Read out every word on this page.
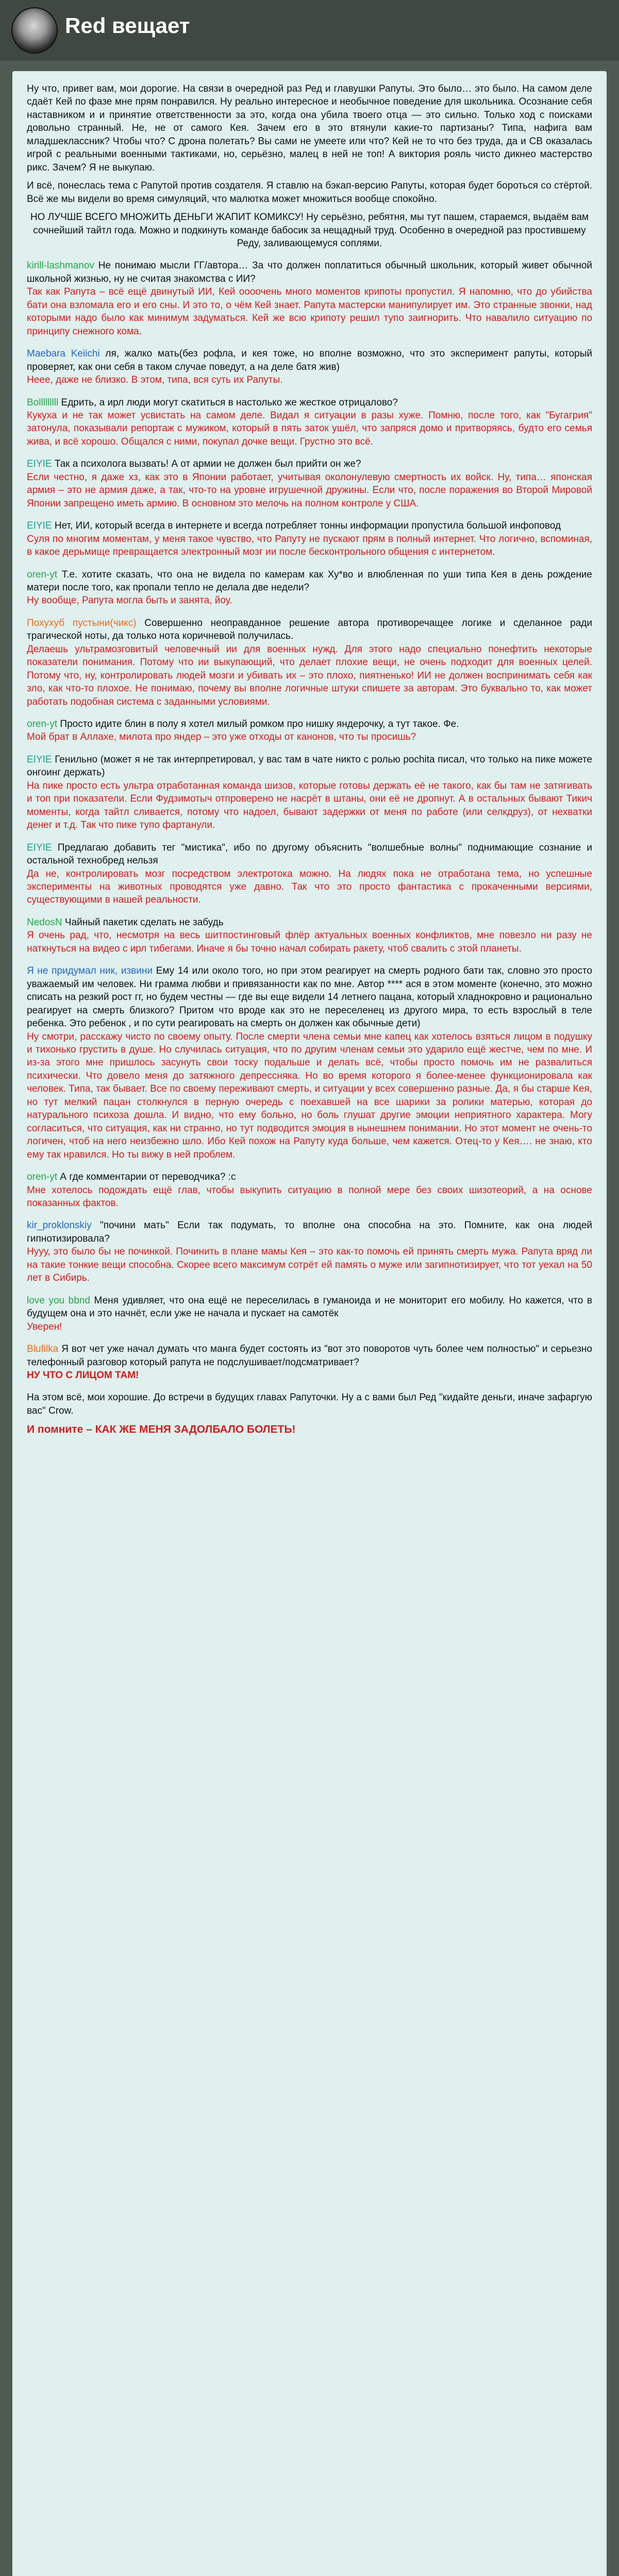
Red вещает

Ну что, привет вам, мои дорогие. На связи в очередной раз Ред и главушки Рапуты. Это было… это было. На самом деле сдаёт Кей по фазе мне прям понравился. Ну реально интересное и необычное поведение для школьника. Осознание себя наставником и и принятие ответственности за это, когда она убила твоего отца — это сильно. Только ход с поисками довольно странный. Не, не от самого Кея. Зачем его в это втянули какие-то партизаны? Типа, нафига вам младшеклассник? Чтобы что? С дрона полетать? Вы сами не умеете или что? Кей не то что без труда, да и СВ оказалась игрой с реальными военными тактиками, но, серьёзно, малец в ней не топ! А виктория рояль чисто дикнео мастерство рикс. Зачем? Я не выкупаю.

И всё, понеслась тема с Рапутой против создателя. Я ставлю на бэкап-версию Рапуты, которая будет бороться со стёртой. Всё же мы видели во время симуляций, что малютка может множиться вообще спокойно.

НО ЛУЧШЕ ВСЕГО МНОЖИТЬ ДЕНЬГИ ЖАПИТ КОМИКСУ! Ну серьёзно, ребятня, мы тут пашем, стараемся, выдаём вам сочнейший тайтл года. Можно и подкинуть команде бабосик за нещадный труд. Особенно в очередной раз простившему Реду, заливающемуся соплями.

kirill-lashmanov Не понимаю мысли ГГ/автора… За что должен поплатиться обычный школьник, который живет обычной школьной жизнью, ну не считая знакомства с ИИ?

Так как Рапута – всё ещё двинутый ИИ, Кей оооочень много моментов крипоты пропустил. Я напомню, что до убийства бати она взломала его и его сны. И это то, о чём Кей знает. Рапута мастерски манипулирует им. Это странные звонки, над которыми надо было как минимум задуматься. Кей же всю крипоту решил тупо заигнорить. Что навалило ситуацию по принципу снежного кома.

Maebara Keiichi ля, жалко мать(без рофла, и кея тоже, но вполне возможно, что это эксперимент рапуты, который проверяет, как они себя в таком случае поведут, а на деле батя жив)

Неее, даже не близко. В этом, типа, вся суть их Рапуты.

Bolllllllll Едрить, а ирл люди могут скатиться в настолько же жесткое отрицалово?

Кукуха и не так может усвистать на самом деле. Видал я ситуации в разы хуже. Помню, после того, как "Бугагрия" затонула, показывали репортаж с мужиком, который в пять заток ушёл, что запряся домо и притворяясь, будто его семья жива, и всё хорошо. Общался с ними, покупал дочке вещи. Грустно это всё.

EIYIE Так а психолога вызвать! А от армии не должен был прийти он же?

Если честно, я даже хз, как это в Японии работает, учитывая околонулевую смертность их войск. Ну, типа… японская армия – это не армия даже, а так, что-то на уровне игрушечной дружины. Если что, после поражения во Второй Мировой Японии запрещено иметь армию. В основном это мелочь на полном контроле у США.

EIYIE Нет, ИИ, который всегда в интернете и всегда потребляет тонны информации пропустила большой инфоповод

Суля по многим моментам, у меня такое чувство, что Рапуту не пускают прям в полный интернет. Что логично, вспоминая, в какое дерьмище превращается электронный мозг ии после бесконтрольного общения с интернетом.

oren-yt Т.е. хотите сказать, что она не видела по камерам как Ху*во и влюбленная по уши типа Кея в день рождение матери после того, как пропали тепло не делала две недели?

Ну вообще, Рапута могла быть и занята, йоу.

Похуxуб пустыни(чикс) Совершенно неоправданное решение автора противоречащее логике и сделанное ради трагической ноты, да только нота коричневой получилась.

Делаешь ультрамозговитый человечный ии для военных нужд. Для этого надо специально понефтить некоторые показатели понимания. Потому что ии выкупающий, что делает плохие вещи, не очень подходит для военных целей. Потому что, ну, контролировать людей мозги и убивать их – это плохо, пиятненько! ИИ не должен воспринимать себя как зло, как что-то плохое. Не понимаю, почему вы вполне логичные штуки спишете за авторам. Это буквально то, как может работать подобная система с заданными условиями.

oren-yt Просто идите блин в полу я хотел милый ромком про нишку яндерочку, а тут такое. Фе.

Мой брат в Аллахе, милота про яндер – это уже отходы от канонов, что ты просишь?

EIYIE Генильно (может я не так интерпретировал, у вас там в чате никто с ролью pochita писал, что только на пике можете онгоинг держать)

На пике просто есть ультра отработанная команда шизов, которые готовы держать её не такого, как бы там не затягивать и топ при показатели. Если Фудзимотыч отпроверено не насрёт в штаны, они её не дропнут. А в остальных бывают Тикич моменты, когда тайтл сливается, потому что надоел, бывают задержки от меня по работе (или селкдруз), от нехватки денег и т.д. Так что пике тупо фартанули.

EIYIE Предлагаю добавить тег "мистика", ибо по другому объяснить "волшебные волны" поднимающие сознание и остальной технобред нельзя

Да не, контролировать мозг посредством электротока можно. На людях пока не отработана тема, но успешные эксперименты на животных проводятся уже давно. Так что это просто фантастика с прокаченными версиями, существующими в нашей реальности.

NedosN Чайный пакетик сделать не забудь

Я очень рад, что, несмотря на весь шитпостинговый флёр актуальных военных конфликтов, мне повезло ни разу не наткнуться на видео с ирл тибегами. Иначе я бы точно начал собирать ракету, чтоб свалить с этой планеты.

Я не придумал ник, извини Ему 14 или около того, но при этом реагирует на смерть родного бати так, словно это просто уважаемый им человек. Ни грамма любви и привязанности как по мне. Автор **** ася в этом моменте (конечно, это можно списать на резкий рост гг, но будем честны — где вы еще видели 14 летнего пацана, который хладнокровно и рационально реагирует на смерть близкого? Притом что вроде как это не переселенец из другого мира, то есть взрослый в теле ребенка. Это ребенок , и по сути реагировать на смерть он должен как обычные дети)

Ну смотри, расскажу чисто по своему опыту. После смерти члена семьи мне капец как хотелось взяться лицом в подушку и тихонько грустить в душе. Но случилась ситуация, что по другим членам семьи это ударило ещё жестче, чем по мне. И из-за этого мне пришлось засунуть свои тоску подальше и делать всё, чтобы просто помочь им не развалиться психически. Что довело меня до затяжного депрессняка. Но во время которого я более-менее функционировала как человек. Типа, так бывает. Все по своему переживают смерть, и ситуации у всех совершенно разные. Да, я бы старше Кея, но тут мелкий пацан столкнулся в перную очередь с поехавшей на все шарики за ролики матерью, которая до натурального психоза дошла. И видно, что ему больно, но боль глушат другие эмоции неприятного характера. Могу согласиться, что ситуация, как ни странно, но тут подводится эмоция в нынешнем понимании. Но этот момент не очень-то логичен, чтоб на него неизбежно шло. Ибо Кей похож на Рапуту куда больше, чем кажется. Отец-то у Кея…. не знаю, кто ему так нравился. Но ты вижу в ней проблем.

oren-yt А где комментарии от переводчика? :с

Мне хотелось подождать ещё глав, чтобы выкупить ситуацию в полной мере без своих шизотеорий, а на основе показанных фактов.

kir_proklonskiy "почини мать" Если так подумать, то вполне она способна на это. Помните, как она людей гипнотизировала?

Нууу, это было бы не починкой. Починить в плане мамы Кея – это как-то помочь ей принять смерть мужа. Рапута вряд ли на такие тонкие вещи способна. Скорее всего максимум сотрёт ей память о муже или загипнотизирует, что тот уехал на 50 лет в Сибирь.

love you bbnd Меня удивляет, что она ещё не переселилась в гуманоида и не мониторит его мобилу. Но кажется, что в будущем она и это начнёт, если уже не начала и пускает на самотёк

Уверен!

Blufilka Я вот чет уже начал думать что манга будет состоять из "вот это поворотов чуть более чем полностью" и серьезно телефонный разговор который рапута не подслушивает/подсматривает?

НУ ЧТО С ЛИЦОМ ТАМ!

На этом всё, мои хорошие. До встречи в будущих главах Рапуточки. Ну а с вами был Ред "кидайте деньги, иначе зафаргую вас" Crow.

И помните – КАК ЖЕ МЕНЯ ЗАДОЛБАЛО БОЛЕТЬ!
